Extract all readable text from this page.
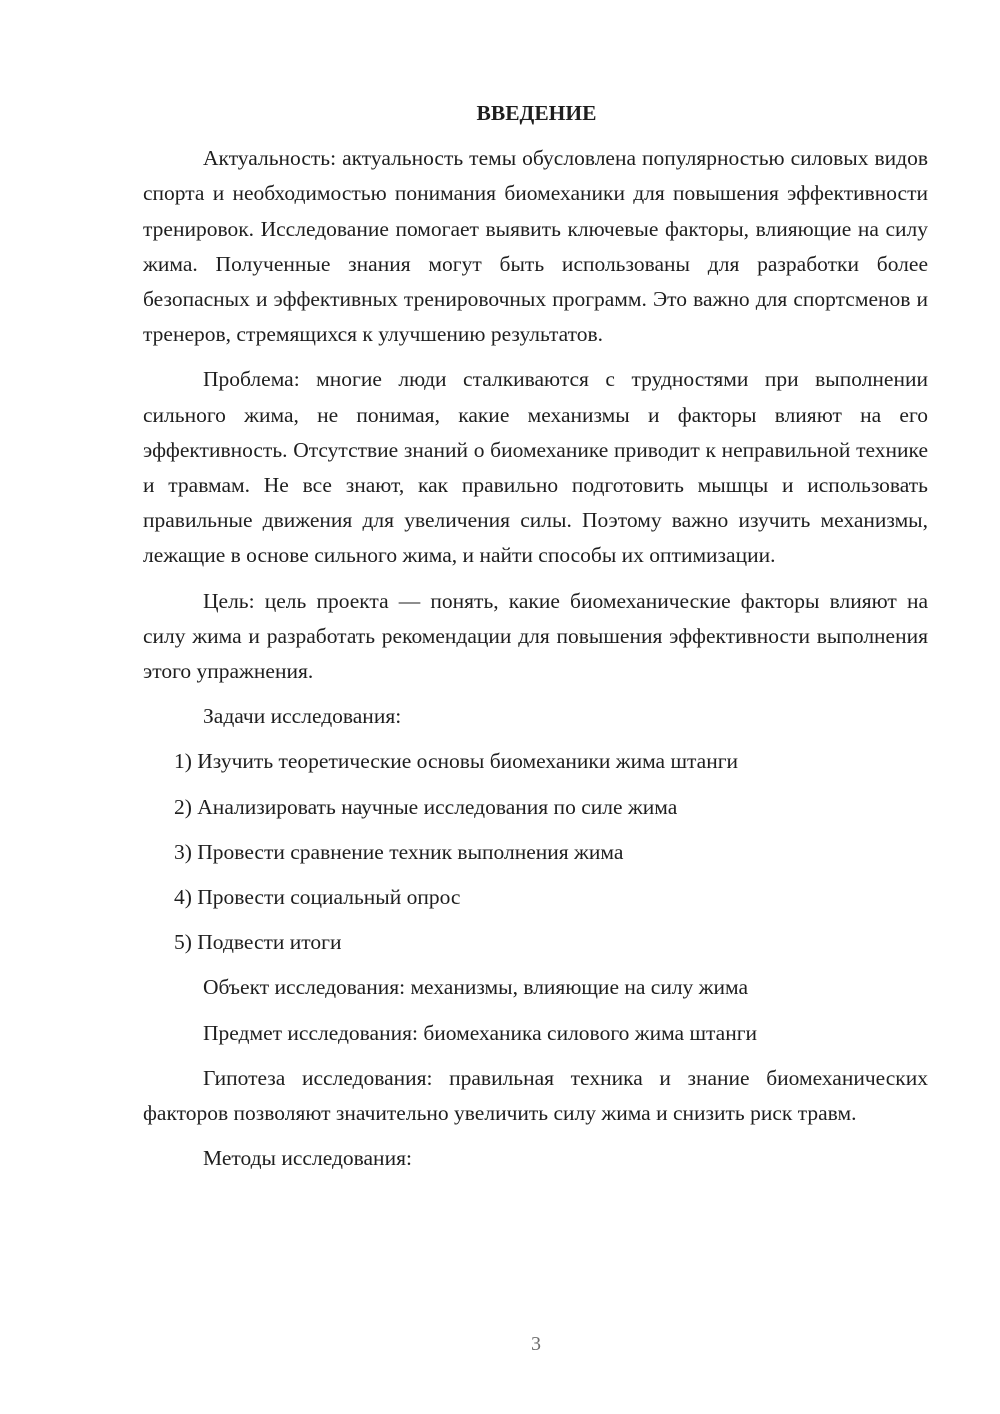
ВВЕДЕНИЕ
Актуальность: актуальность темы обусловлена популярностью силовых видов спорта и необходимостью понимания биомеханики для повышения эффективности тренировок. Исследование помогает выявить ключевые факторы, влияющие на силу жима. Полученные знания могут быть использованы для разработки более безопасных и эффективных тренировочных программ. Это важно для спортсменов и тренеров, стремящихся к улучшению результатов.
Проблема: многие люди сталкиваются с трудностями при выполнении сильного жима, не понимая, какие механизмы и факторы влияют на его эффективность. Отсутствие знаний о биомеханике приводит к неправильной технике и травмам. Не все знают, как правильно подготовить мышцы и использовать правильные движения для увеличения силы. Поэтому важно изучить механизмы, лежащие в основе сильного жима, и найти способы их оптимизации.
Цель: цель проекта — понять, какие биомеханические факторы влияют на силу жима и разработать рекомендации для повышения эффективности выполнения этого упражнения.
Задачи исследования:
1) Изучить теоретические основы биомеханики жима штанги
2) Анализировать научные исследования по силе жима
3) Провести сравнение техник выполнения жима
4) Провести социальный опрос
5) Подвести итоги
Объект исследования: механизмы, влияющие на силу жима
Предмет исследования: биомеханика силового жима штанги
Гипотеза исследования: правильная техника и знание биомеханических факторов позволяют значительно увеличить силу жима и снизить риск травм.
Методы исследования:
3
